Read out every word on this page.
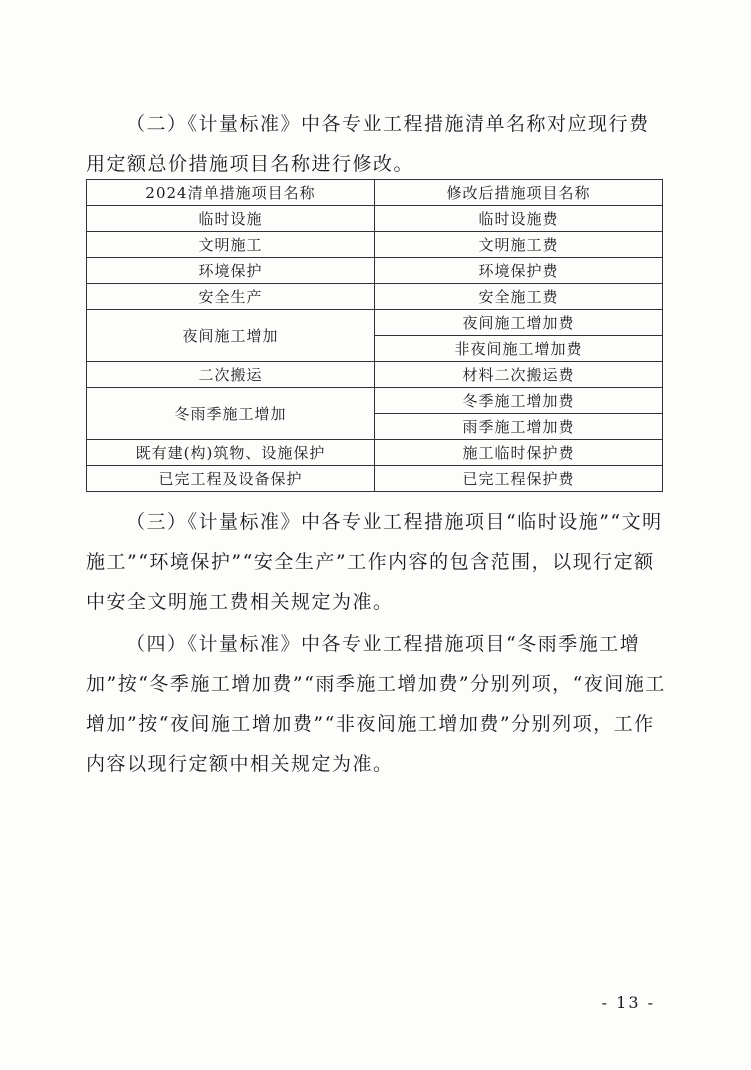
（二）《计量标准》中各专业工程措施清单名称对应现行费用定额总价措施项目名称进行修改。

2024清单措施项目名称	修改后措施项目名称
临时设施	临时设施费
文明施工	文明施工费
环境保护	环境保护费
安全生产	安全施工费
夜间施工增加	夜间施工增加费
	非夜间施工增加费
二次搬运	材料二次搬运费
冬雨季施工增加	冬季施工增加费
	雨季施工增加费
既有建(构)筑物、设施保护	施工临时保护费
已完工程及设备保护	已完工程保护费

（三）《计量标准》中各专业工程措施项目“临时设施”“文明施工”“环境保护”“安全生产”工作内容的包含范围，以现行定额中安全文明施工费相关规定为准。

（四）《计量标准》中各专业工程措施项目“冬雨季施工增加”按“冬季施工增加费”“雨季施工增加费”分别列项，“夜间施工增加”按“夜间施工增加费”“非夜间施工增加费”分别列项，工作内容以现行定额中相关规定为准。

- 13 -
